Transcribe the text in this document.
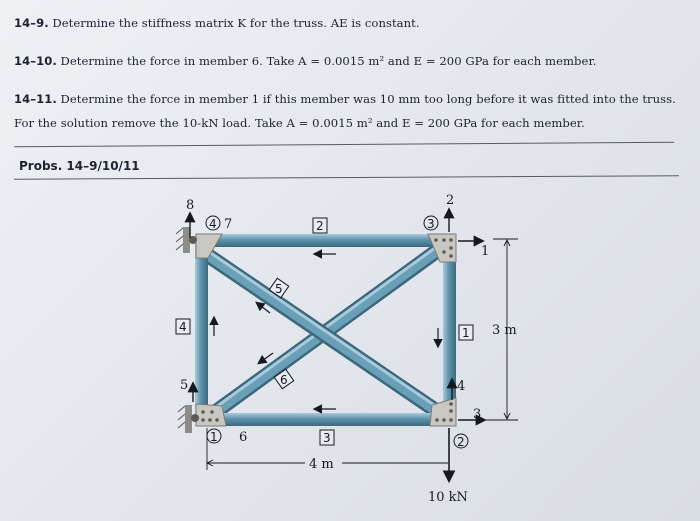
14–9. Determine the stiffness matrix K for the truss. AE is constant.
14–10. Determine the force in member 6. Take A = 0.0015 m² and E = 200 GPa for each member.
14–11. Determine the force in member 1 if this member was 10 mm too long before it was fitted into the truss.
For the solution remove the 10-kN load. Take A = 0.0015 m² and E = 200 GPa for each member.
Probs. 14–9/10/11
4	3
1	2
2
1
4
3
5
6
8
7
2
1
5
6
4
3
3 m
4 m
10 kN
